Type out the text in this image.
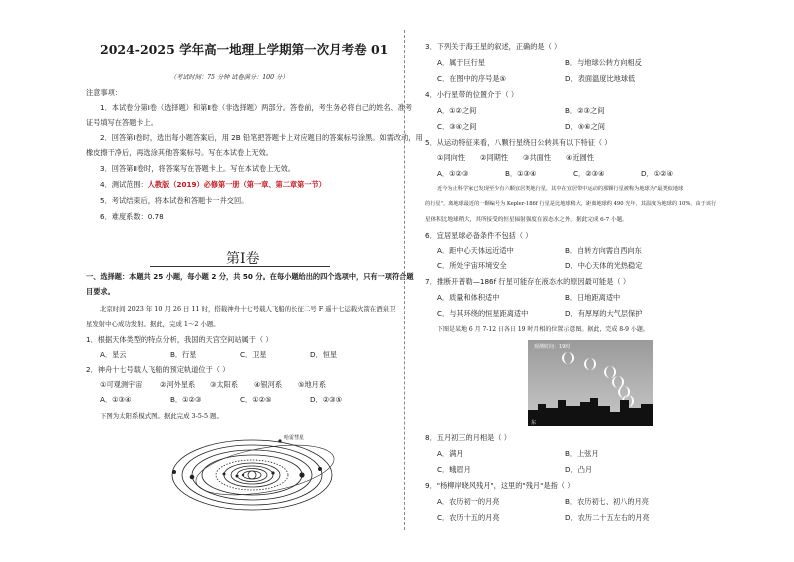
2024-2025 学年高一地理上学期第一次月考卷 01
（考试时间：75 分钟 试卷满分：100 分）
注意事项：
1．本试卷分第Ⅰ卷（选择题）和第Ⅱ卷（非选择题）两部分。答卷前，考生务必将自己的姓名、准考
证号填写在答题卡上。
2．回答第Ⅰ卷时，选出每小题答案后，用 2B 铅笔把答题卡上对应题目的答案标号涂黑。如需改动，用
橡皮擦干净后，再选涂其他答案标号。写在本试卷上无效。
3．回答第Ⅱ卷时，将答案写在答题卡上。写在本试卷上无效。
4．测试范围：人教版（2019）必修第一册（第一章、第二章第一节）
5．考试结束后，将本试卷和答题卡一并交回。
6．难度系数：0.78
第Ⅰ卷
一、选择题：本题共 25 小题，每小题 2 分，共 50 分。在每小题给出的四个选项中，只有一项符合题
目要求。
北京时间 2023 年 10 月 26 日 11 时，搭载神舟十七号载人飞船的长征二号 F 遥十七运载火箭在酒泉卫
星发射中心成功发射。据此，完成 1～2 小题。
1．根据天体类型的特点分析，我国的天宫空间站属于（ ）
A．星云	B．行星	C．卫星	D．恒星
2．神舟十七号载人飞船的预定轨道位于（ ）
①可观测宇宙 ②河外星系 ③太阳系 ④银河系 ⑤地月系
A．①③④	B．①②③	C．①②⑤	D．②③⑤
下图为太阳系模式图。据此完成 3-5-5 题。
哈雷彗星
3．下列关于海王星的叙述，正确的是（ ）
A．属于巨行星	B．与地球公转方向相反
C．在图中的序号是⑤	D．表面温度比地球低
4．小行星带的位置介于（ ）
A．①②之间	B．②③之间
C．③④之间	D．⑤⑥之间
5．从运动特征来看，八颗行星绕日公转具有以下特征（ ）
①同向性 ②同期性 ③共面性 ④近圆性
A．①②③	B．①③④	C．②③④	D．①②④
近今为止科学家已发现至少有六颗宜居类地行星，其中在宜居带中运动的那颗行星被称为地球为"最类似地球
的行星"。离地球最近的一颗编号为 Kepler-186f 行星是比地球稍大，距离地球约 490 光年，其温度为地球的 10%。由于该行
星体积比地球稍大，其所接受的恒星辐射强度在液态水之外。据此完成 6-7 小题。
6．宜居星球必备条件不包括（ ）
A．距中心天体远近适中	B．自转方向需自西向东
C．所处宇宙环境安全	D．中心天体的光热稳定
7．推断开普勒—186f 行星可能存在液态水的原因最可能是（ ）
A．质量和体积适中	B．日地距离适中
C．与其环绕的恒星距离适中	D．有厚厚的大气层保护
下图是某地 6 月 7-12 日各日 19 时月相的位置示意图。据此，完成 8-9 小题。
观测时间：19时
东
8．五月初三的月相是（ ）
A．满月	B．上弦月
C．蛾眉月	D．凸月
9．"杨柳岸晓风残月"，这里的"残月"是指（ ）
A．农历初一的月亮	B．农历初七、初八的月亮
C．农历十五的月亮	D．农历二十五左右的月亮
